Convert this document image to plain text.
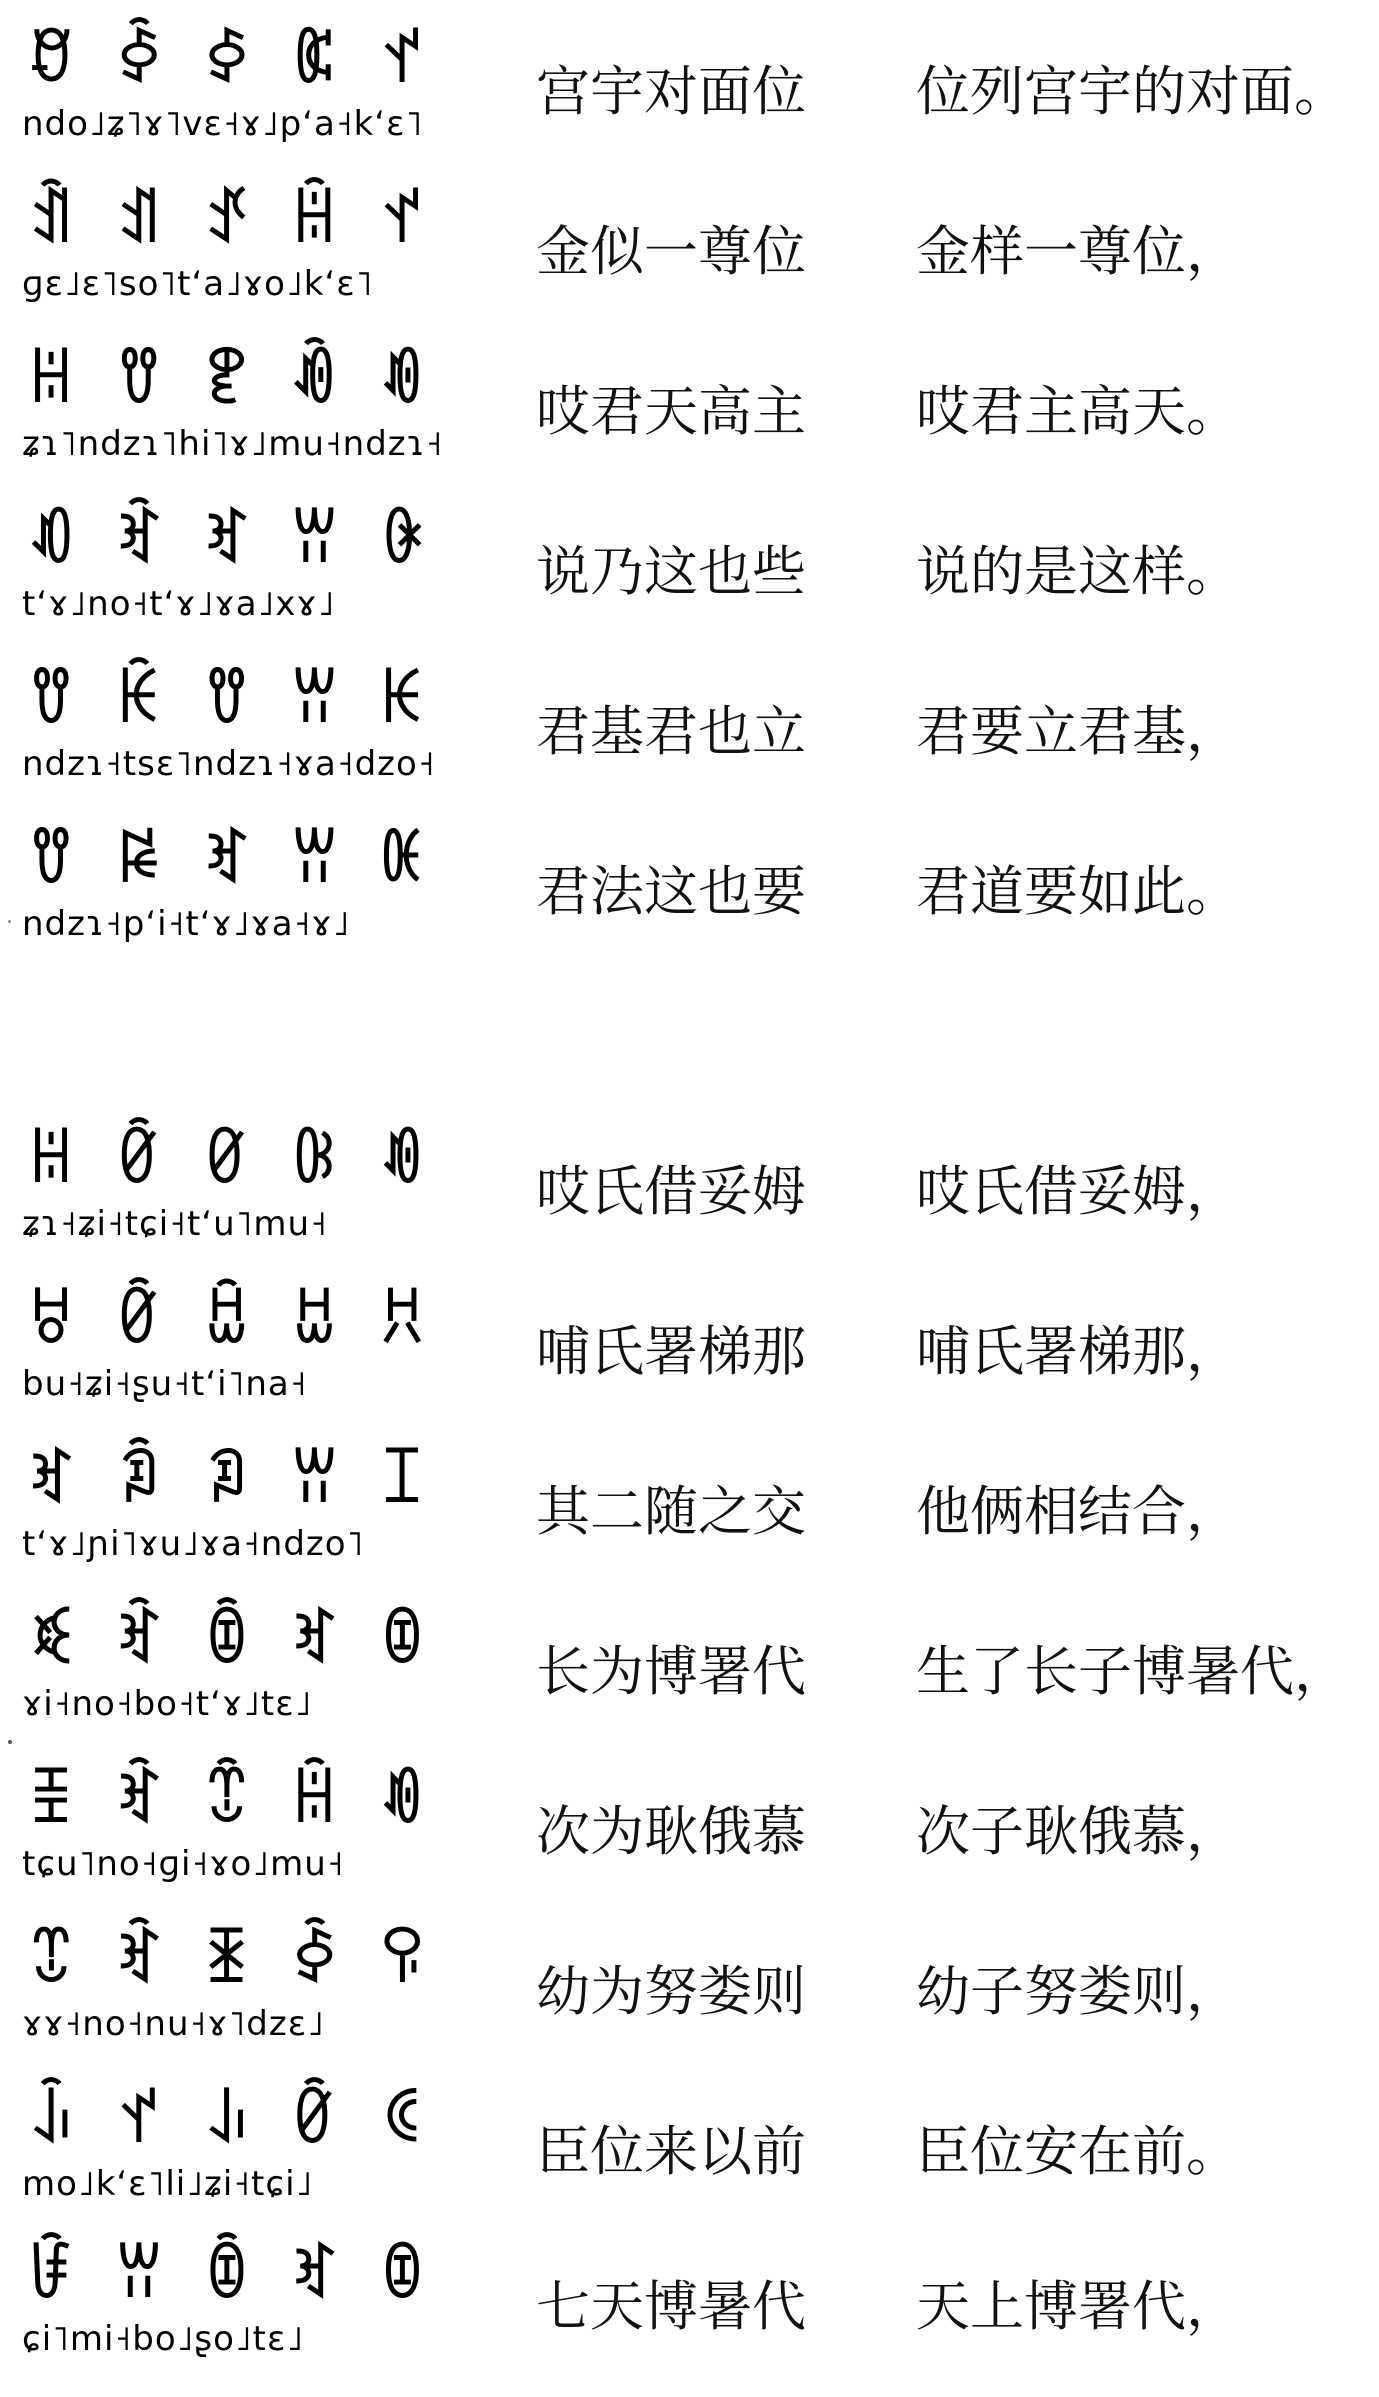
ꀄ ꀅ ꀆ ꀇ ꀈ
ndo˩ʑ˥ɤ˥vɛ˧ɤ˩pʻa˧kʻɛ˥
宫宇对面位 位列宫宇的对面。
ꀉ ꀊ ꀋ ꀌ ꀈ
ɡɛ˩ɛ˥so˥tʻa˩ɤo˩kʻɛ˥
金似一尊位 金样一尊位，
ꀍ ꀎ ꀏ ꀐ ꀑ
ʑɿ˥ndzɿ˥hi˥ɤ˩mu˧ndzɿ˧
哎君天高主 哎君主高天。
ꀒ ꀓ ꀔ ꀕ ꀖ
tʻɤ˩no˧tʻɤ˩ɤa˩xɤ˩
说乃这也些 说的是这样。
ꀎ ꀗ ꀎ ꀕ ꀘ
ndzɿ˧tsɛ˥ndzɿ˧ɤa˧dzo˧
君基君也立 君要立君基，
ꀎ ꀙ ꀔ ꀕ ꀚ
ndzɿ˧pʻi˧tʻɤ˩ɤa˧ɤ˩
君法这也要 君道要如此。
ꀍ ꀛ ꀜ ꀝ ꀑ
ʑɿ˧ʑi˧tɕi˧tʻu˥mu˧
哎氏借妥姆 哎氏借妥姆，
ꀞ ꀛ ꀟ ꀠ ꀡ
bu˧ʑi˧ʂu˧tʻi˥na˧
哺氏署梯那 哺氏署梯那，
ꀔ ꀢ ꀣ ꀕ ꀤ
tʻɤ˩ɲi˥ɤu˩ɤa˧ndzo˥
其二随之交 他俩相结合，
ꀥ ꀓ ꀦ ꀔ ꀧ
ɤi˧no˧bo˧tʻɤ˩tɛ˩
长为博署代 生了长子博暑代，
ꀨ ꀓ ꀩ ꀌ ꀑ
tɕu˥no˧ɡi˧ɤo˩mu˧
次为耿俄慕 次子耿俄慕，
ꀪ ꀓ ꀫ ꀅ ꀬ
ɤɤ˧no˧nu˧ɤ˥dzɛ˩
幼为努娄则 幼子努娄则，
ꀭ ꀈ ꀮ ꀛ ꀯ
mo˩kʻɛ˥li˩ʑi˧tɕi˩
臣位来以前 臣位安在前。
ꀰ ꀕ ꀦ ꀔ ꀧ
ɕi˥mi˧bo˩ʂo˩tɛ˩
七天博暑代 天上博署代，
